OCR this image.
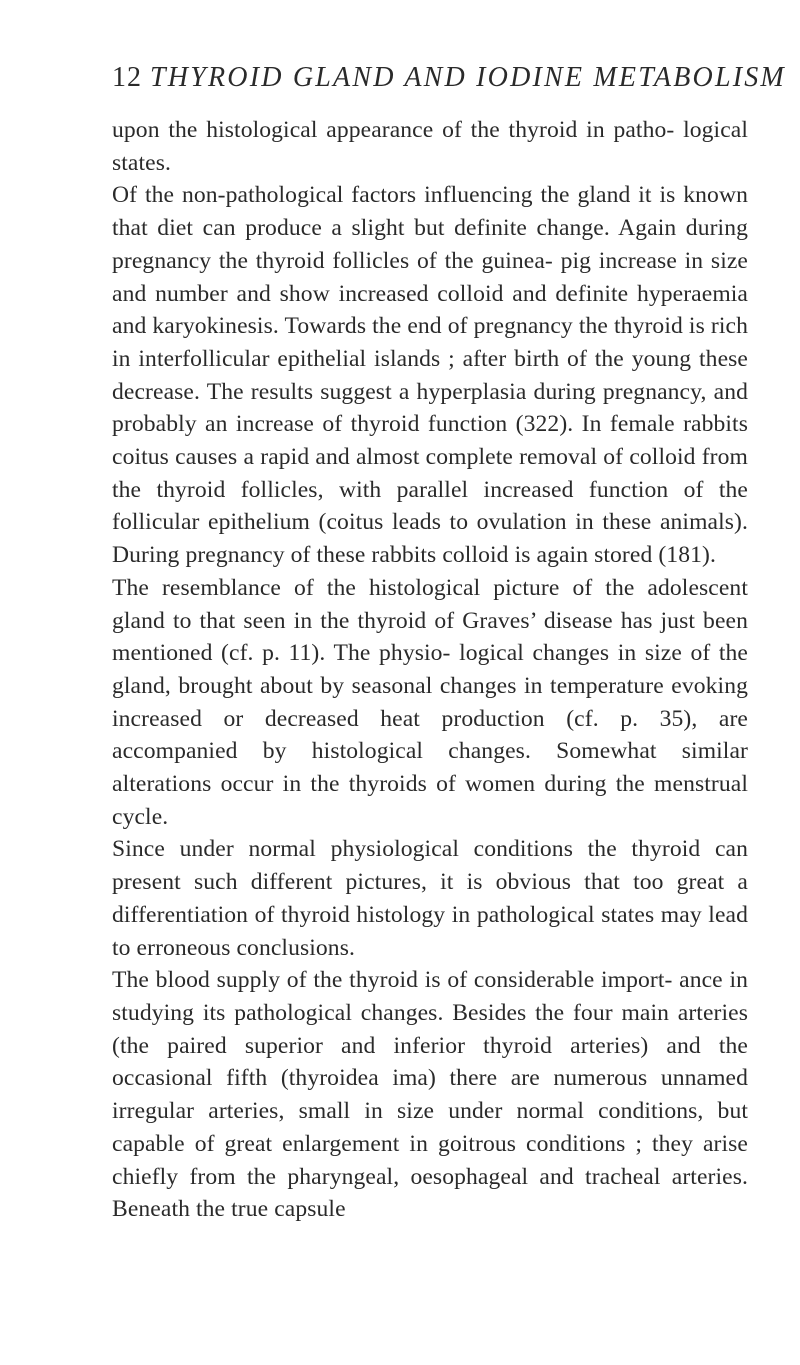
12 THYROID GLAND AND IODINE METABOLISM

upon the histological appearance of the thyroid in patho- logical states.

Of the non-pathological factors influencing the gland it is known that diet can produce a slight but definite change. Again during pregnancy the thyroid follicles of the guinea- pig increase in size and number and show increased colloid and definite hyperaemia and karyokinesis. Towards the end of pregnancy the thyroid is rich in interfollicular epithelial islands ; after birth of the young these decrease. The results suggest a hyperplasia during pregnancy, and probably an increase of thyroid function (322). In female rabbits coitus causes a rapid and almost complete removal of colloid from the thyroid follicles, with parallel increased function of the follicular epithelium (coitus leads to ovulation in these animals). During pregnancy of these rabbits colloid is again stored (181).

The resemblance of the histological picture of the adolescent gland to that seen in the thyroid of Graves’ disease has just been mentioned (cf. p. 11). The physio- logical changes in size of the gland, brought about by seasonal changes in temperature evoking increased or decreased heat production (cf. p. 35), are accompanied by histological changes. Somewhat similar alterations occur in the thyroids of women during the menstrual cycle.

Since under normal physiological conditions the thyroid can present such different pictures, it is obvious that too great a differentiation of thyroid histology in pathological states may lead to erroneous conclusions.

The blood supply of the thyroid is of considerable import- ance in studying its pathological changes. Besides the four main arteries (the paired superior and inferior thyroid arteries) and the occasional fifth (thyroidea ima) there are numerous unnamed irregular arteries, small in size under normal conditions, but capable of great enlargement in goitrous conditions ; they arise chiefly from the pharyngeal, oesophageal and tracheal arteries. Beneath the true capsule
